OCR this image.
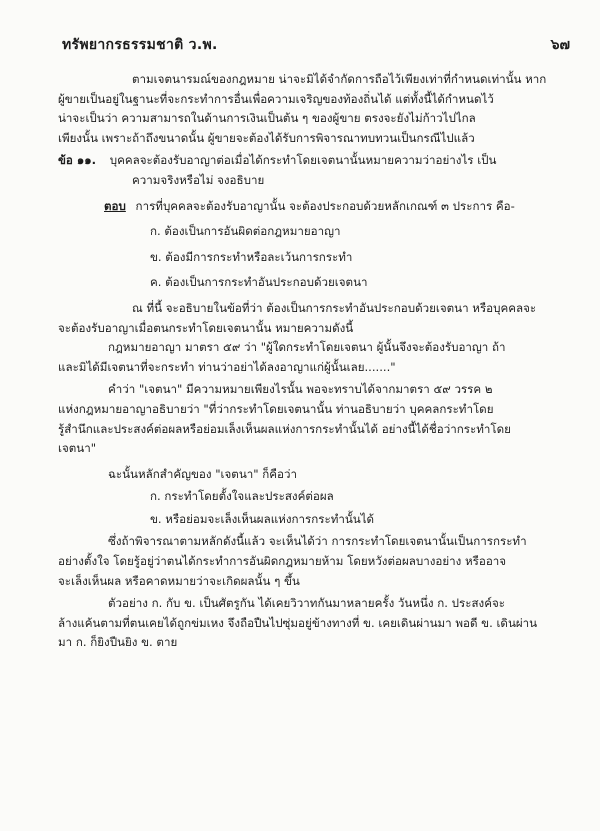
ทรัพยากรธรรมชาติ ว.พ.	๖๗
ตามเจตนารมณ์ของกฎหมาย น่าจะมิได้จำกัดการถือไว้เพียงเท่าที่กำหนดเท่านั้น หาก
ผู้ขายเป็นอยู่ในฐานะที่จะกระทำการอื่นเพื่อความเจริญของท้องถิ่นได้ แต่ทั้งนี้ได้กำหนดไว้
น่าจะเป็นว่า ความสามารถในด้านการเงินเป็นต้น ๆ ของผู้ขาย ตรงจะยังไม่ก้าวไปไกล
เพียงนั้น เพราะถ้าถึงขนาดนั้น ผู้ขายจะต้องได้รับการพิจารณาทบทวนเป็นกรณีไปแล้ว
ข้อ ๑๑. บุคคลจะต้องรับอาญาต่อเมื่อได้กระทำโดยเจตนานั้นหมายความว่าอย่างไร เป็น
ความจริงหรือไม่ จงอธิบาย
ตอบ การที่บุคคลจะต้องรับอาญานั้น จะต้องประกอบด้วยหลักเกณฑ์ ๓ ประการ คือ-
ก. ต้องเป็นการอันผิดต่อกฎหมายอาญา
ข. ต้องมีการกระทำหรือละเว้นการกระทำ
ค. ต้องเป็นการกระทำอันประกอบด้วยเจตนา
ณ ที่นี้ จะอธิบายในข้อที่ว่า ต้องเป็นการกระทำอันประกอบด้วยเจตนา หรือบุคคลจะ
จะต้องรับอาญาเมื่อตนกระทำโดยเจตนานั้น หมายความดังนี้
กฎหมายอาญา มาตรา ๕๙ ว่า "ผู้ใดกระทำโดยเจตนา ผู้นั้นจึงจะต้องรับอาญา ถ้า
และมิได้มีเจตนาที่จะกระทำ ท่านว่าอย่าได้ลงอาญาแก่ผู้นั้นเลย......."
คำว่า "เจตนา" มีความหมายเพียงไรนั้น พอจะทราบได้จากมาตรา ๕๙ วรรค ๒
แห่งกฎหมายอาญาอธิบายว่า "ที่ว่ากระทำโดยเจตนานั้น ท่านอธิบายว่า บุคคลกระทำโดย
รู้สำนึกและประสงค์ต่อผลหรือย่อมเล็งเห็นผลแห่งการกระทำนั้นได้ อย่างนี้ได้ชื่อว่ากระทำโดย
เจตนา"
ฉะนั้นหลักสำคัญของ "เจตนา" ก็คือว่า
ก. กระทำโดยตั้งใจและประสงค์ต่อผล
ข. หรือย่อมจะเล็งเห็นผลแห่งการกระทำนั้นได้
ซึ่งถ้าพิจารณาตามหลักดังนี้แล้ว จะเห็นได้ว่า การกระทำโดยเจตนานั้นเป็นการกระทำ
อย่างตั้งใจ โดยรู้อยู่ว่าตนได้กระทำการอันผิดกฎหมายห้าม โดยหวังต่อผลบางอย่าง หรืออาจ
จะเล็งเห็นผล หรือคาดหมายว่าจะเกิดผลนั้น ๆ ขึ้น
ตัวอย่าง ก. กับ ข. เป็นศัตรูกัน ได้เคยวิวาทกันมาหลายครั้ง วันหนึ่ง ก. ประสงค์จะ
ล้างแค้นตามที่ตนเคยได้ถูกข่มเหง จึงถือปืนไปซุ่มอยู่ข้างทางที่ ข. เคยเดินผ่านมา พอดี ข. เดินผ่าน
มา ก. ก็ยิงปืนยิง ข. ตาย
